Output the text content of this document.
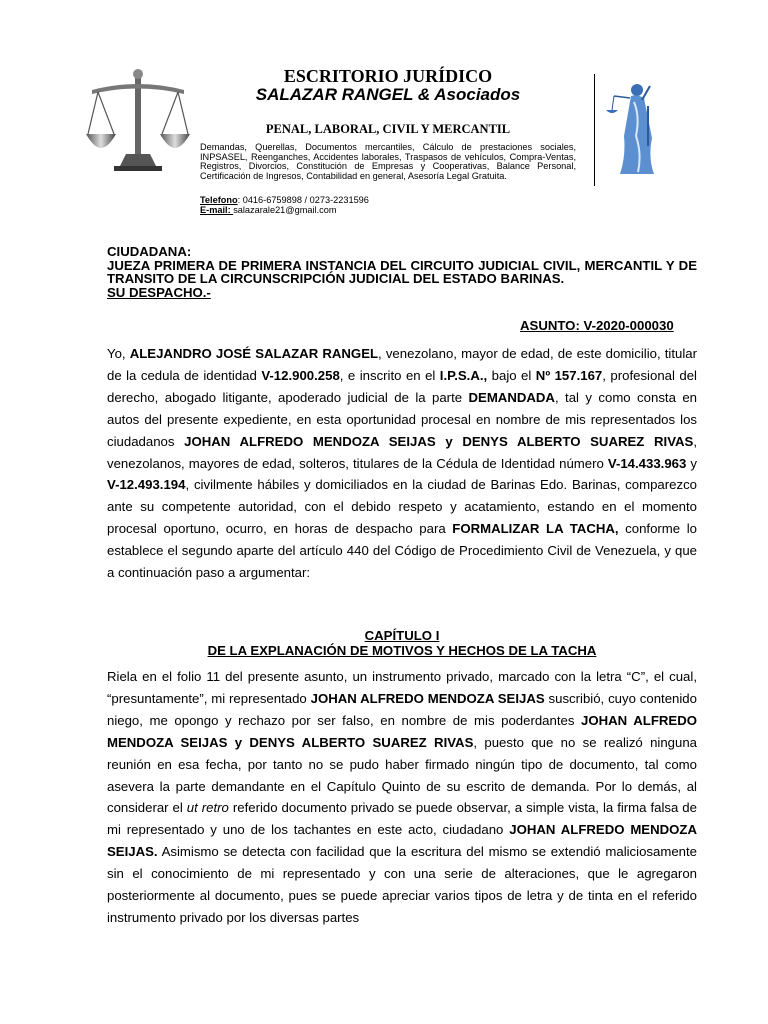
ESCRITORIO JURÍDICO
SALAZAR RANGEL & Asociados
PENAL, LABORAL, CIVIL Y MERCANTIL
Demandas, Querellas, Documentos mercantiles, Cálculo de prestaciones sociales, INPSASEL, Reenganches, Accidentes laborales, Traspasos de vehículos, Compra-Ventas, Registros, Divorcios, Constitución de Empresas y Cooperativas, Balance Personal, Certificación de Ingresos, Contabilidad en general, Asesoría Legal Gratuita.
Telefono: 0416-6759898 / 0273-2231596
E-mail: salazarale21@gmail.com
CIUDADANA:
JUEZA PRIMERA DE PRIMERA INSTANCIA DEL CIRCUITO JUDICIAL CIVIL, MERCANTIL Y DE TRANSITO DE LA CIRCUNSCRIPCIÓN JUDICIAL DEL ESTADO BARINAS.
SU DESPACHO.-
ASUNTO: V-2020-000030

Yo, ALEJANDRO JOSÉ SALAZAR RANGEL, venezolano, mayor de edad, de este domicilio, titular de la cedula de identidad V-12.900.258, e inscrito en el I.P.S.A., bajo el Nº 157.167, profesional del derecho, abogado litigante, apoderado judicial de la parte DEMANDADA, tal y como consta en autos del presente expediente, en esta oportunidad procesal en nombre de mis representados los ciudadanos JOHAN ALFREDO MENDOZA SEIJAS y DENYS ALBERTO SUAREZ RIVAS, venezolanos, mayores de edad, solteros, titulares de la Cédula de Identidad número V-14.433.963 y V-12.493.194, civilmente hábiles y domiciliados en la ciudad de Barinas Edo. Barinas, comparezco ante su competente autoridad, con el debido respeto y acatamiento, estando en el momento procesal oportuno, ocurro, en horas de despacho para FORMALIZAR LA TACHA, conforme lo establece el segundo aparte del artículo 440 del Código de Procedimiento Civil de Venezuela, y que a continuación paso a argumentar:

CAPÍTULO I
DE LA EXPLANACIÓN DE MOTIVOS Y HECHOS DE LA TACHA

Riela en el folio 11 del presente asunto, un instrumento privado, marcado con la letra “C”, el cual, “presuntamente”, mi representado JOHAN ALFREDO MENDOZA SEIJAS suscribió, cuyo contenido niego, me opongo y rechazo por ser falso, en nombre de mis poderdantes JOHAN ALFREDO MENDOZA SEIJAS y DENYS ALBERTO SUAREZ RIVAS, puesto que no se realizó ninguna reunión en esa fecha, por tanto no se pudo haber firmado ningún tipo de documento, tal como asevera la parte demandante en el Capítulo Quinto de su escrito de demanda. Por lo demás, al considerar el ut retro referido documento privado se puede observar, a simple vista, la firma falsa de mi representado y uno de los tachantes en este acto, ciudadano JOHAN ALFREDO MENDOZA SEIJAS. Asimismo se detecta con facilidad que la escritura del mismo se extendió maliciosamente sin el conocimiento de mi representado y con una serie de alteraciones, que le agregaron posteriormente al documento, pues se puede apreciar varios tipos de letra y de tinta en el referido instrumento privado por los diversas partes
